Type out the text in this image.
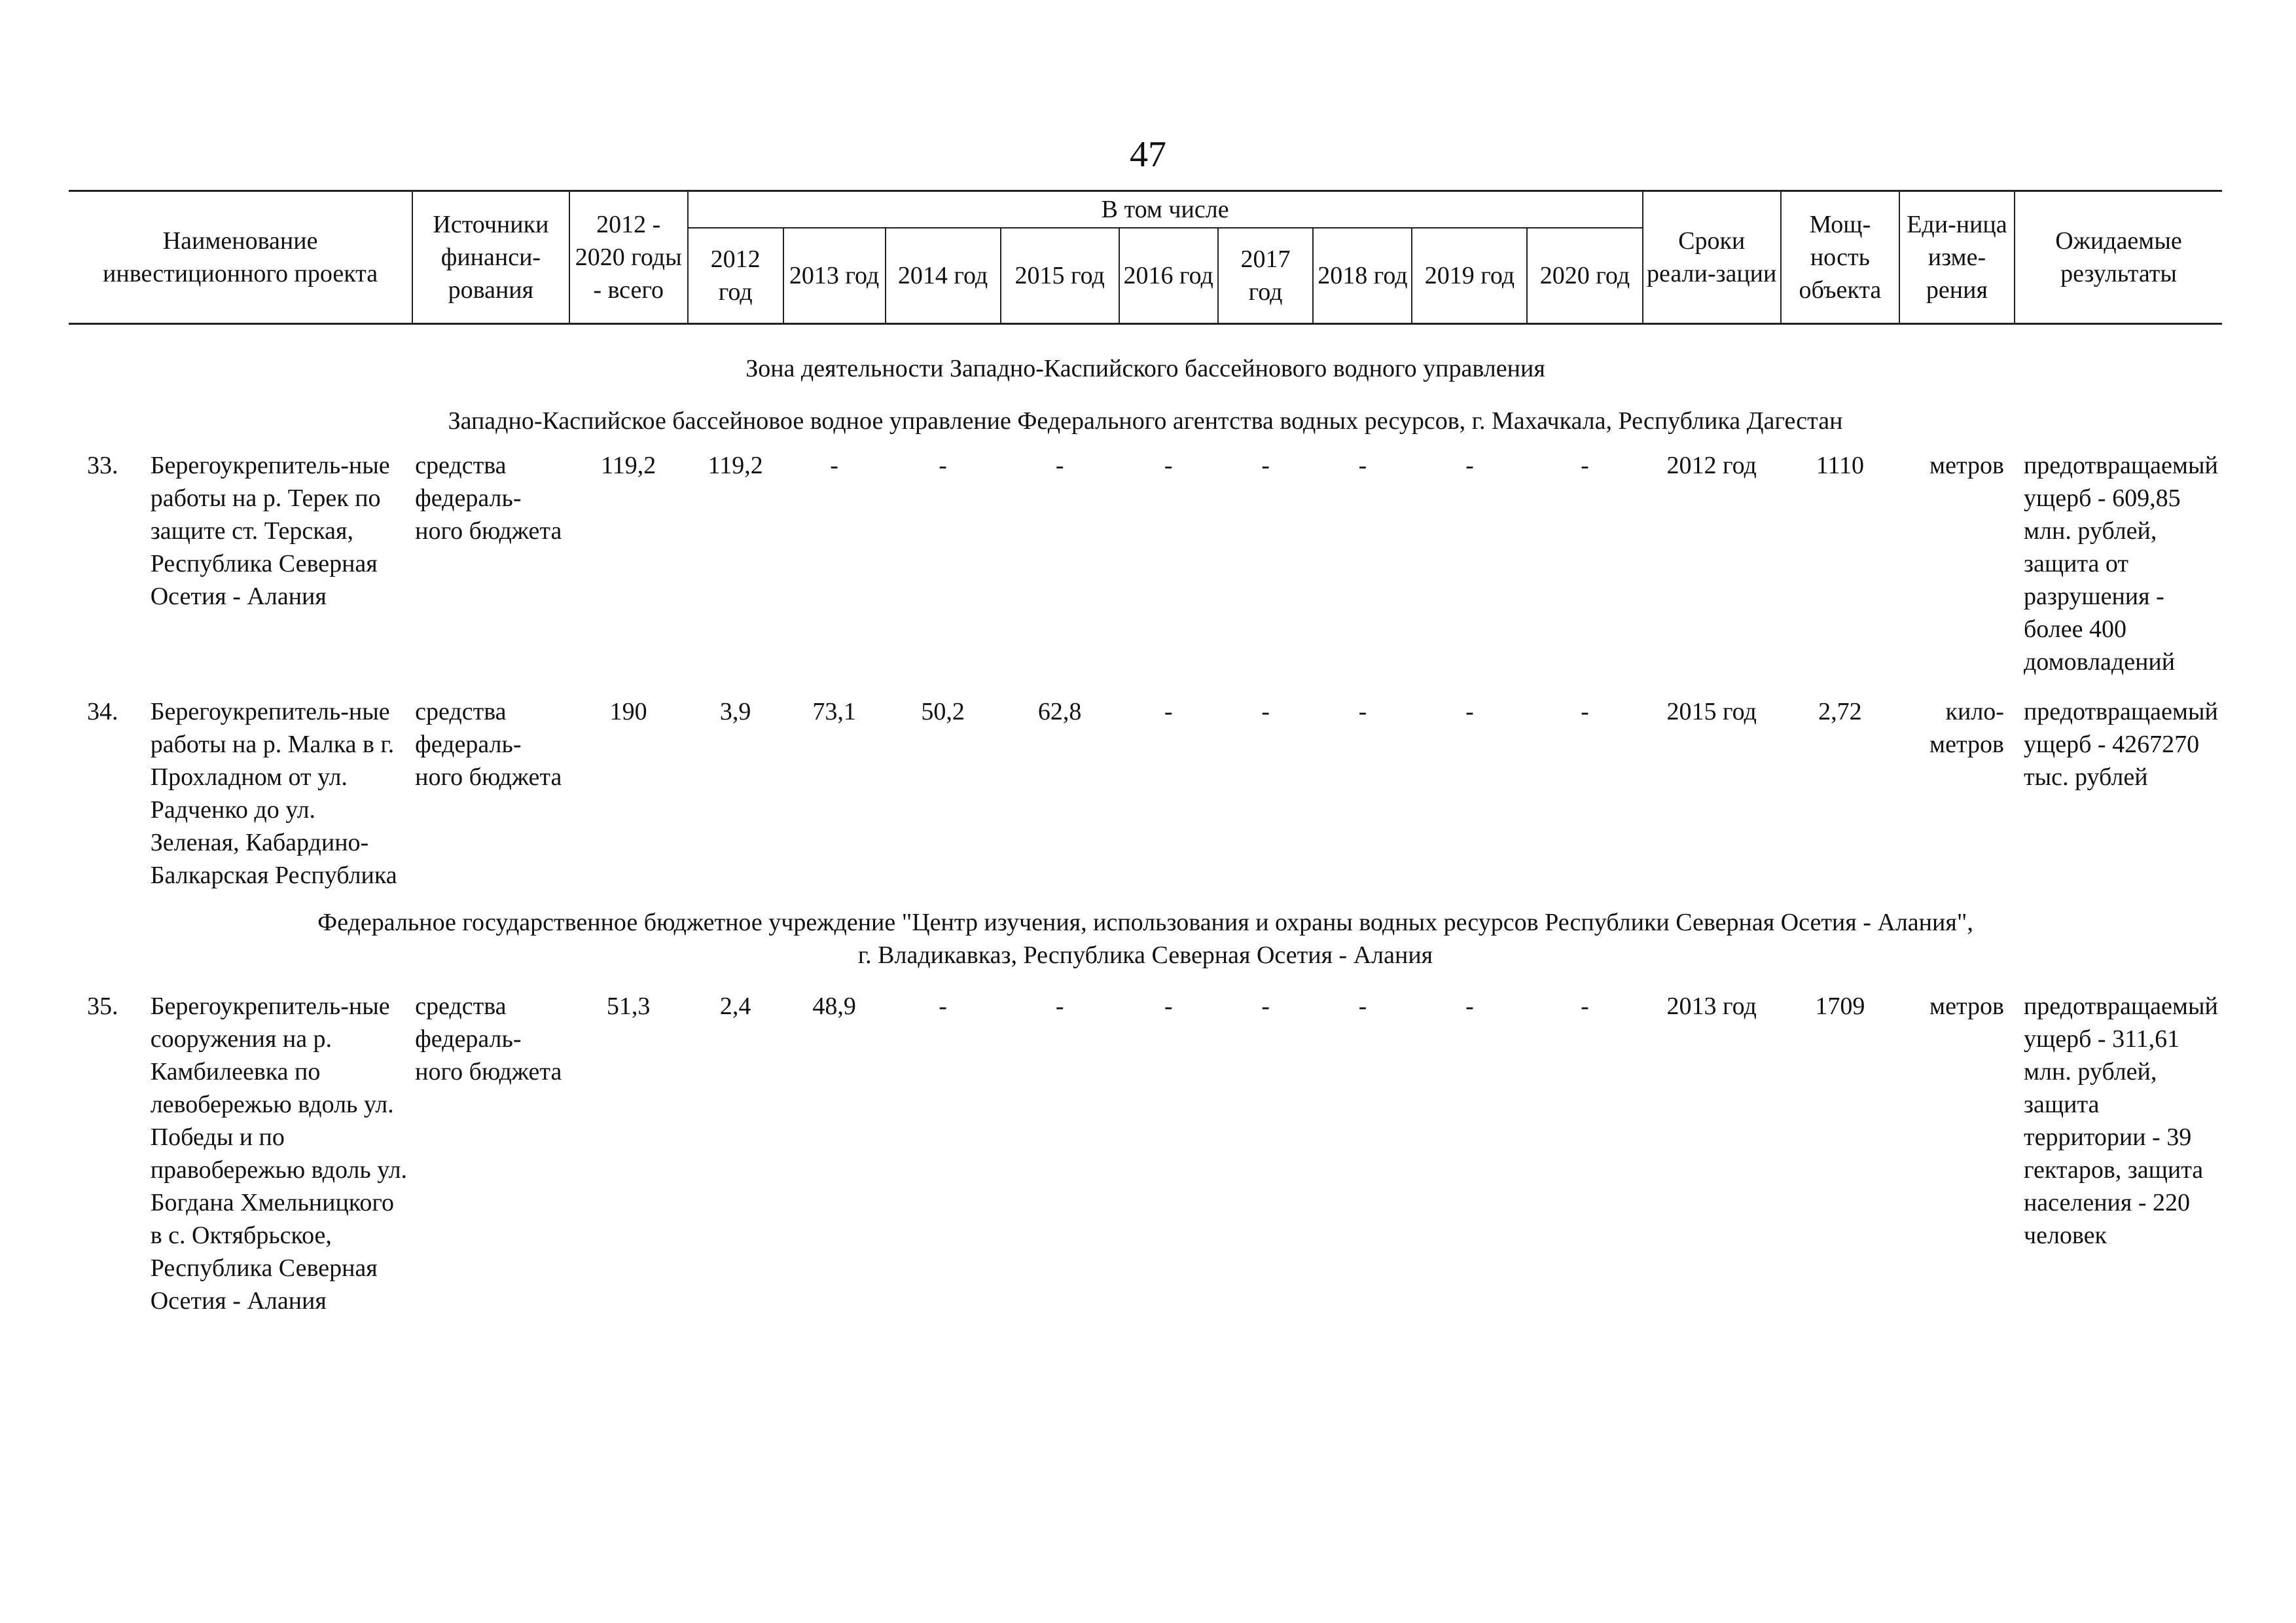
47
Наименование инвестиционного проекта		Источники финанси-рования	2012 - 2020 годы - всего	В том числе									Сроки реали-зации	Мощ-ность объекта	Еди-ница изме-рения	Ожидаемые результаты
				2012 год	2013 год	2014 год	2015 год	2016 год	2017 год	2018 год	2019 год	2020 год				
Зона деятельности Западно-Каспийского бассейнового водного управления																
Западно-Каспийское бассейновое водное управление Федерального агентства водных ресурсов, г. Махачкала, Республика Дагестан																
33.	Берегоукрепитель-ные работы на р. Терек по защите ст. Терская, Республика Северная Осетия - Алания	средства федераль-ного бюджета	119,2	119,2	-	-	-	-	-	-	-	-	2012 год	1110	метров	предотвращаемый ущерб - 609,85 млн. рублей, защита от разрушения - более 400 домовладений
34.	Берегоукрепитель-ные работы на р. Малка в г. Прохладном от ул. Радченко до ул. Зеленая, Кабардино-Балкарская Республика	средства федераль-ного бюджета	190	3,9	73,1	50,2	62,8	-	-	-	-	-	2015 год	2,72	кило-метров	предотвращаемый ущерб - 4267270 тыс. рублей

Федеральное государственное бюджетное учреждение "Центр изучения, использования и охраны водных ресурсов Республики Северная Осетия - Алания",
г. Владикавказ, Республика Северная Осетия - Алания																

35.	Берегоукрепитель-ные сооружения на р. Камбилеевка по левобережью вдоль ул. Победы и по правобережью вдоль ул. Богдана Хмельницкого в с. Октябрьское, Республика Северная Осетия - Алания	средства федераль-ного бюджета	51,3	2,4	48,9	-	-	-	-	-	-	-	2013 год	1709	метров	предотвращаемый ущерб - 311,61 млн. рублей, защита территории - 39 гектаров, защита населения - 220 человек
